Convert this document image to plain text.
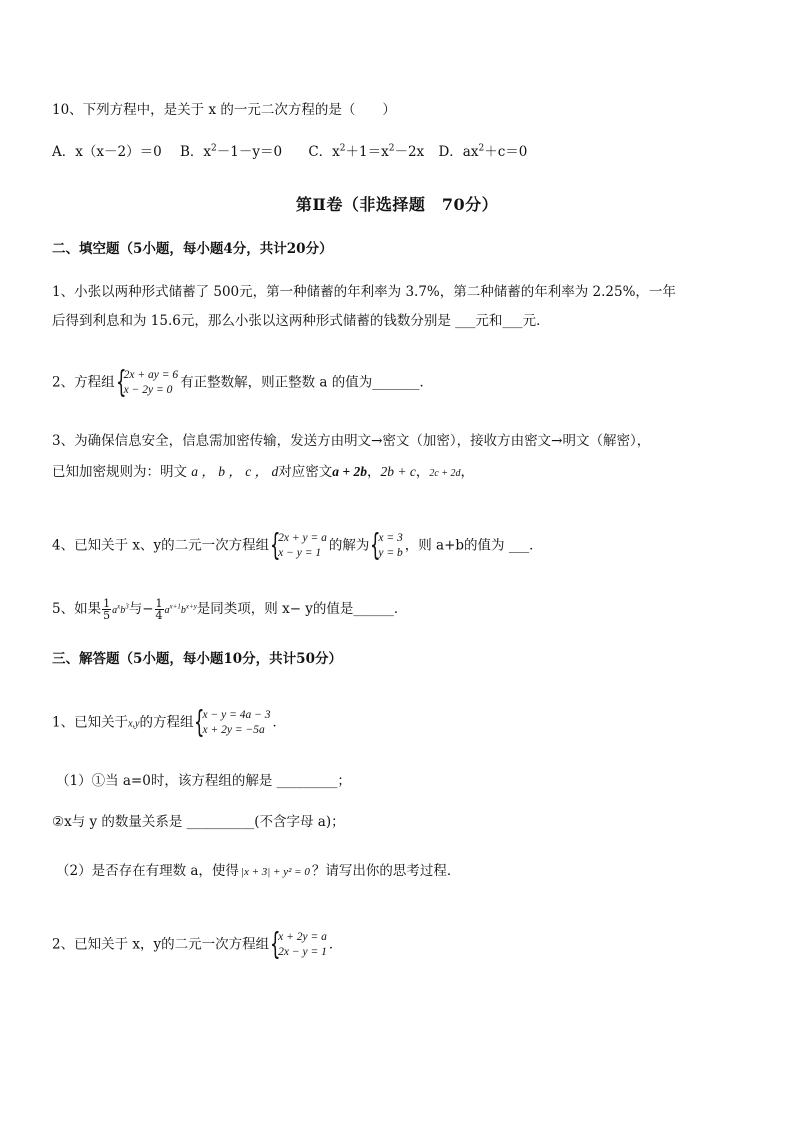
10、下列方程中，是关于 x 的一元二次方程的是（　　）
A．x（x－2）＝0 B．$x^2-1-y=0$ C．$x^2+1=x^2-2x$ D．$ax^2+c=0$
第Ⅱ卷（非选择题　70分）
二、填空题（5小题，每小题4分，共计20分）
1、小张以两种形式储蓄了 500元，第一种储蓄的年利率为 3.7%，第二种储蓄的年利率为 2.25%，一年
后得到利息和为 15.6元，那么小张以这两种形式储蓄的钱数分别是 ___元和___元．
2、方程组 {
2x + ay = 6
x − 2y = 0 有正整数解，则正整数 a 的值为_______．
3、为确保信息安全，信息需加密传输，发送方由明文→密文（加密），接收方由密文→明文（解密），
已知加密规则为：明文 a ， b ， c ， d对应密文a + 2b，2b + c，2c + 2d，
4、已知关于 x、y的二元一次方程组 {
2x + y = a
x − y = 1 的解为 {
x = 3
y = b ，则 a+b的值为 ___．
5、如果 $\frac{1}{5} a^xb^3$与− $\frac{1}{4} a^{x+1}b^{x+y}$是同类项，则 x− y的值是______．
三、解答题（5小题，每小题10分，共计50分）
1、已知关于x,y的方程组 {
x − y = 4a − 3
x + 2y = −5a ．
（1）①当 a=0时，该方程组的解是 _________；
②x与 y 的数量关系是 __________(不含字母 a)；
（2）是否存在有理数 a，使得 |x + 3| + y² = 0 ？请写出你的思考过程．
2、已知关于 x，y的二元一次方程组 {
x + 2y = a
2x − y = 1 ．
